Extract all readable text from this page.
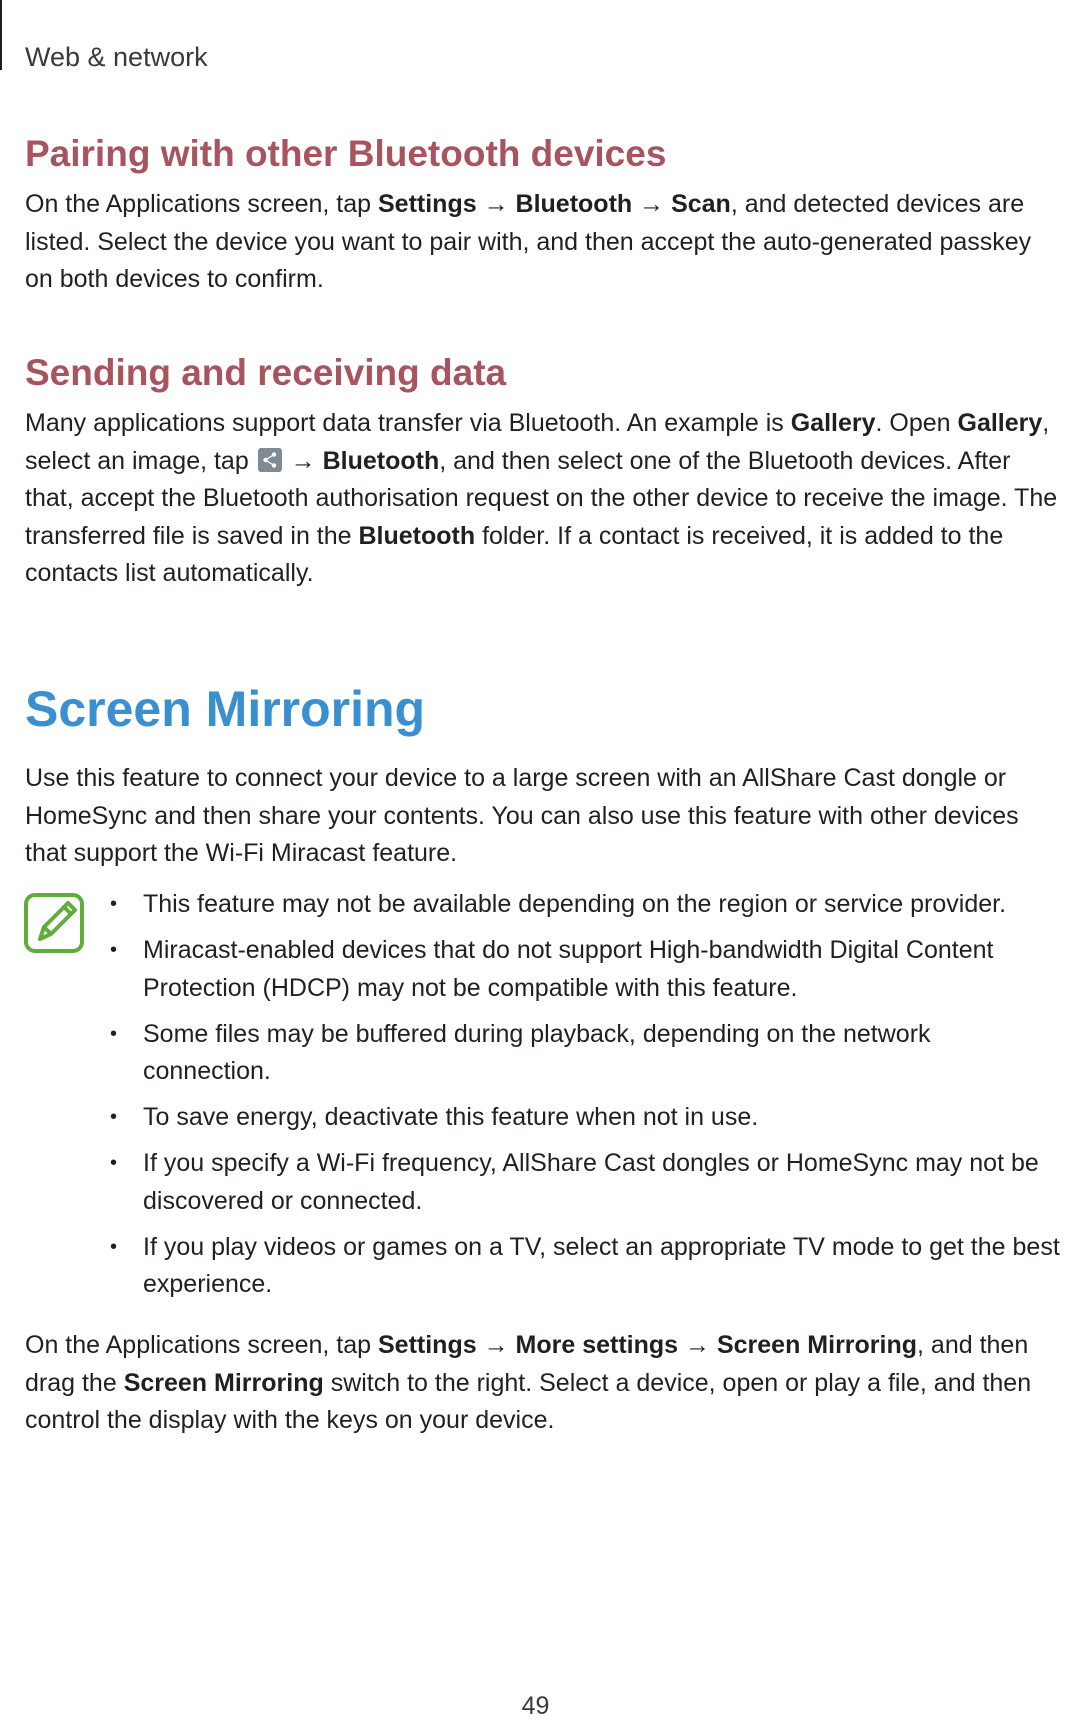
Web & network
Pairing with other Bluetooth devices
On the Applications screen, tap Settings → Bluetooth → Scan, and detected devices are listed. Select the device you want to pair with, and then accept the auto-generated passkey on both devices to confirm.
Sending and receiving data
Many applications support data transfer via Bluetooth. An example is Gallery. Open Gallery, select an image, tap
→ Bluetooth, and then select one of the Bluetooth devices. After that, accept the Bluetooth authorisation request on the other device to receive the image. The transferred file is saved in the Bluetooth folder. If a contact is received, it is added to the contacts list automatically.
Screen Mirroring
Use this feature to connect your device to a large screen with an AllShare Cast dongle or HomeSync and then share your contents. You can also use this feature with other devices that support the Wi-Fi Miracast feature.
• This feature may not be available depending on the region or service provider.
• Miracast-enabled devices that do not support High-bandwidth Digital Content Protection (HDCP) may not be compatible with this feature.
• Some files may be buffered during playback, depending on the network connection.
• To save energy, deactivate this feature when not in use.
• If you specify a Wi-Fi frequency, AllShare Cast dongles or HomeSync may not be discovered or connected.
• If you play videos or games on a TV, select an appropriate TV mode to get the best experience.
On the Applications screen, tap Settings → More settings → Screen Mirroring, and then drag the Screen Mirroring switch to the right. Select a device, open or play a file, and then control the display with the keys on your device.
49
